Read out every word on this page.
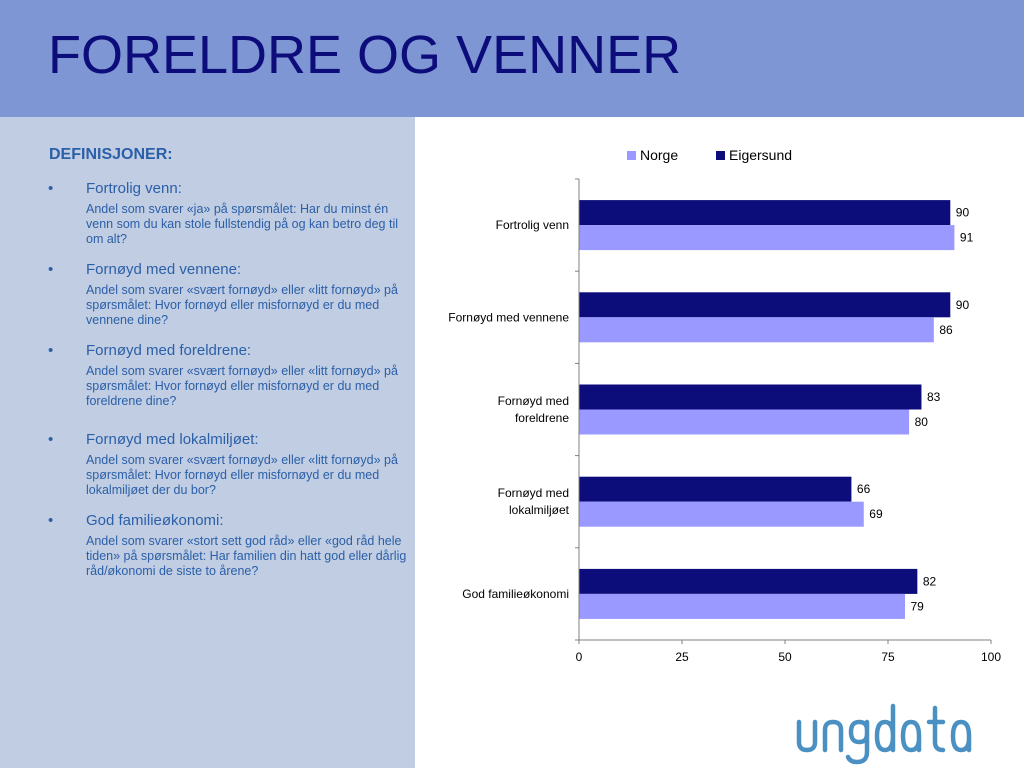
FORELDRE OG VENNER
DEFINISJONER:
• Fortrolig venn:
Andel som svarer «ja» på spørsmålet: Har du minst én venn som du kan stole fullstendig på og kan betro deg til om alt?
• Fornøyd med vennene:
Andel som svarer «svært fornøyd» eller «litt fornøyd» på spørsmålet: Hvor fornøyd eller misfornøyd er du med vennene dine?
• Fornøyd med foreldrene:
Andel som svarer «svært fornøyd» eller «litt fornøyd» på spørsmålet: Hvor fornøyd eller misfornøyd er du med foreldrene dine?
• Fornøyd med lokalmiljøet:
Andel som svarer «svært fornøyd» eller «litt fornøyd» på spørsmålet: Hvor fornøyd eller misfornøyd er du med lokalmiljøet der du bor?
• God familieøkonomi:
Andel som svarer «stort sett god råd» eller «god råd hele tiden» på spørsmålet: Har familien din hatt god eller dårlig råd/økonomi de siste to årene?
0	25	50	75	100
90
91
Fortrolig venn
90
86
Fornøyd med vennene
83
80
Fornøyd med
foreldrene
66
69
Fornøyd med
lokalmiljøet
82
79
God familieøkonomi
Norge	Eigersund
